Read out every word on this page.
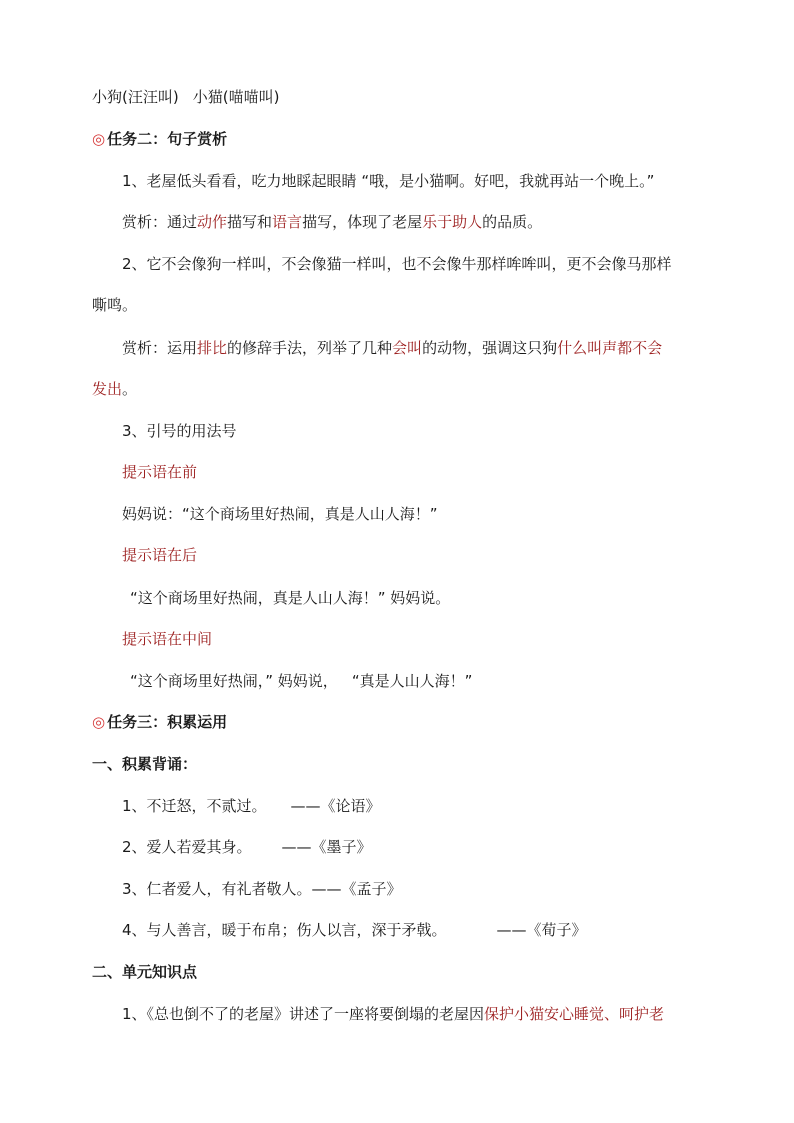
小狗(汪汪叫) 小猫(喵喵叫)
◎ 任务二：句子赏析
1、老屋低头看看，吃力地睬起眼睛 “哦，是小猫啊。好吧，我就再站一个晚上。”
赏析：通过动作描写和语言描写，体现了老屋乐于助人的品质。
2、它不会像狗一样叫，不会像猫一样叫，也不会像牛那样哞哞叫，更不会像马那样
嘶鸣。
赏析：运用排比的修辞手法，列举了几种会叫的动物，强调这只狗什么叫声都不会
发出。
3、引号的用法号
提示语在前
妈妈说：“这个商场里好热闹，真是人山人海！”
提示语在后
“这个商场里好热闹，真是人山人海！” 妈妈说。
提示语在中间
“这个商场里好热闹，” 妈妈说， “真是人山人海！”
◎ 任务三：积累运用
一、积累背诵：
1、不迁怒，不贰过。 ——《论语》
2、爱人若爱其身。 ——《墨子》
3、仁者爱人，有礼者敬人。——《孟子》
4、与人善言，暖于布帛；伤人以言，深于矛戟。	——《荀子》
二、单元知识点
1、《总也倒不了的老屋》讲述了一座将要倒塌的老屋因保护小猫安心睡觉、呵护老
